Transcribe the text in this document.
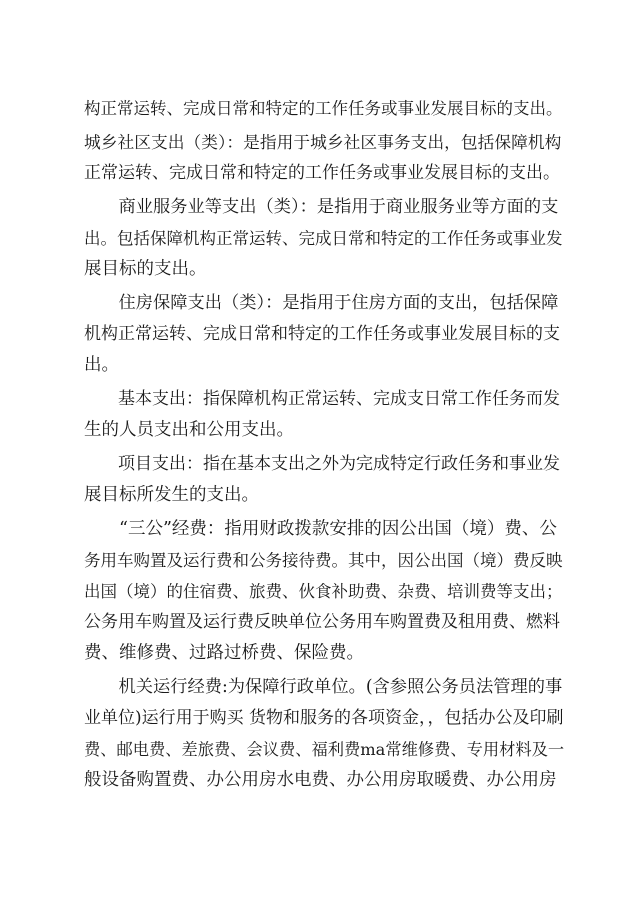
构正常运转、完成日常和特定的工作任务或事业发展目标的支出。
城乡社区支出（类）：是指用于城乡社区事务支出，包括保障机构
正常运转、完成日常和特定的工作任务或事业发展目标的支出。
商业服务业等支出（类）：是指用于商业服务业等方面的支
出。包括保障机构正常运转、完成日常和特定的工作任务或事业发
展目标的支出。
住房保障支出（类）：是指用于住房方面的支出，包括保障
机构正常运转、完成日常和特定的工作任务或事业发展目标的支
出。
基本支出：指保障机构正常运转、完成支日常工作任务而发
生的人员支出和公用支出。
项目支出：指在基本支出之外为完成特定行政任务和事业发
展目标所发生的支出。
“三公”经费：指用财政拨款安排的因公出国（境）费、公
务用车购置及运行费和公务接待费。其中，因公出国（境）费反映
出国（境）的住宿费、旅费、伙食补助费、杂费、培训费等支出；
公务用车购置及运行费反映单位公务用车购置费及租用费、燃料
费、维修费、过路过桥费、保险费。
机关运行经费:为保障行政单位。(含参照公务员法管理的事
业单位)运行用于购买 货物和服务的各项资金，，包括办公及印刷
费、邮电费、差旅费、会议费、福利费ma常维修费、专用材料及一
般设备购置费、办公用房水电费、办公用房取暖费、办公用房
